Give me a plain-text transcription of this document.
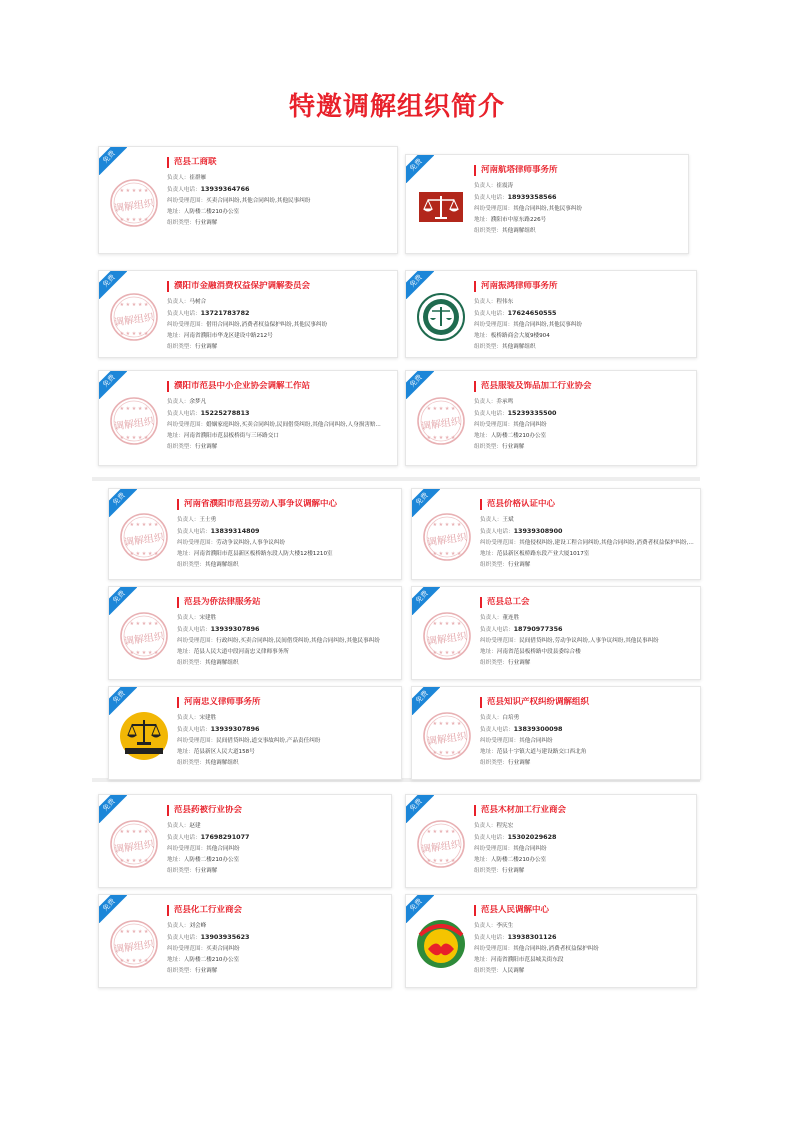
特邀调解组织简介
免费
★ ★ ★ ★ ★
调解组织
★ ★ ★ ★ ★
范县工商联
负责人：崔群雁
负责人电话：13939364766
纠纷受理范围：买卖合同纠纷,其他合同纠纷,其他民事纠纷
地址：人防楼二楼210办公室
组织类型：行业调解
免费	河南航塔律师事务所
负责人：崔震涛
负责人电话：18939358566
纠纷受理范围：其他合同纠纷,其他民事纠纷
地址：濮阳市中原东路226号
组织类型：其他调解组织
免费
★ ★ ★ ★ ★
调解组织
★ ★ ★ ★ ★
濮阳市金融消费权益保护调解委员会
负责人：马树合
负责人电话：13721783782
纠纷受理范围：借用合同纠纷,消费者权益保护纠纷,其他民事纠纷
地址：河南省濮阳市华龙区建设中路212号
组织类型：行业调解
免费	河南振鸿律师事务所
负责人：程伟东
负责人电话：17624650555
纠纷受理范围：其他合同纠纷,其他民事纠纷
地址：板桥路商会大厦9楼904
组织类型：其他调解组织
免费
★ ★ ★ ★ ★
调解组织
★ ★ ★ ★ ★
濮阳市范县中小企业协会调解工作站
负责人：余梦凡
负责人电话：15225278813
纠纷受理范围：婚姻家庭纠纷,买卖合同纠纷,民间借贷纠纷,其他合同纠纷,人身损害赔...
地址：河南省濮阳市范县板桥街与三环路交口
组织类型：行业调解
免费
★ ★ ★ ★ ★
调解组织
★ ★ ★ ★ ★
范县服装及饰品加工行业协会
负责人：乔承鸣
负责人电话：15239335500
纠纷受理范围：其他合同纠纷
地址：人防楼二楼210办公室
组织类型：行业调解
免费
★ ★ ★ ★ ★
调解组织
★ ★ ★ ★ ★
河南省濮阳市范县劳动人事争议调解中心
负责人：王士勇
负责人电话：13839314809
纠纷受理范围：劳动争议纠纷,人事争议纠纷
地址：河南省濮阳市范县新区板桥路东段人防大楼12楼1210室
组织类型：其他调解组织
免费
★ ★ ★ ★ ★
调解组织
★ ★ ★ ★ ★
范县价格认证中心
负责人：王斌
负责人电话：13939308900
纠纷受理范围：其他侵权纠纷,建设工程合同纠纷,其他合同纠纷,消费者权益保护纠纷,...
地址：范县新区板桥路东段产业大厦1017室
组织类型：行业调解
免费
★ ★ ★ ★ ★
调解组织
★ ★ ★ ★ ★
范县为侨法律服务站
负责人：宋建胜
负责人电话：13939307896
纠纷受理范围：行政纠纷,买卖合同纠纷,民间借贷纠纷,其他合同纠纷,其他民事纠纷
地址：范县人民大道中段河南忠义律师事务所
组织类型：其他调解组织
免费
★ ★ ★ ★ ★
调解组织
★ ★ ★ ★ ★
范县总工会
负责人：董连胜
负责人电话：18790977356
纠纷受理范围：民间借贷纠纷,劳动争议纠纷,人事争议纠纷,其他民事纠纷
地址：河南省范县板桥路中段县委综合楼
组织类型：行业调解
免费	河南忠义律师事务所
负责人：宋建胜
负责人电话：13939307896
纠纷受理范围：民间借贷纠纷,道交事故纠纷,产品责任纠纷
地址：范县新区人民大道158号
组织类型：其他调解组织
免费
★ ★ ★ ★ ★
调解组织
★ ★ ★ ★ ★
范县知识产权纠纷调解组织
负责人：白培勇
负责人电话：13839300098
纠纷受理范围：其他合同纠纷
地址：范县十字镇大道与建设路交口西北角
组织类型：行业调解
免费
★ ★ ★ ★ ★
调解组织
★ ★ ★ ★ ★
范县药被行业协会
负责人：赵建
负责人电话：17698291077
纠纷受理范围：其他合同纠纷
地址：人防楼二楼210办公室
组织类型：行业调解
免费
★ ★ ★ ★ ★
调解组织
★ ★ ★ ★ ★
范县木材加工行业商会
负责人：程宪宏
负责人电话：15302029628
纠纷受理范围：其他合同纠纷
地址：人防楼二楼210办公室
组织类型：行业调解
免费
★ ★ ★ ★ ★
调解组织
★ ★ ★ ★ ★
范县化工行业商会
负责人：刘会峰
负责人电话：13903935623
纠纷受理范围：买卖合同纠纷
地址：人防楼二楼210办公室
组织类型：行业调解
免费	范县人民调解中心
负责人：李庆生
负责人电话：13938301126
纠纷受理范围：其他合同纠纷,消费者权益保护纠纷
地址：河南省濮阳市范县城关街东段
组织类型：人民调解
